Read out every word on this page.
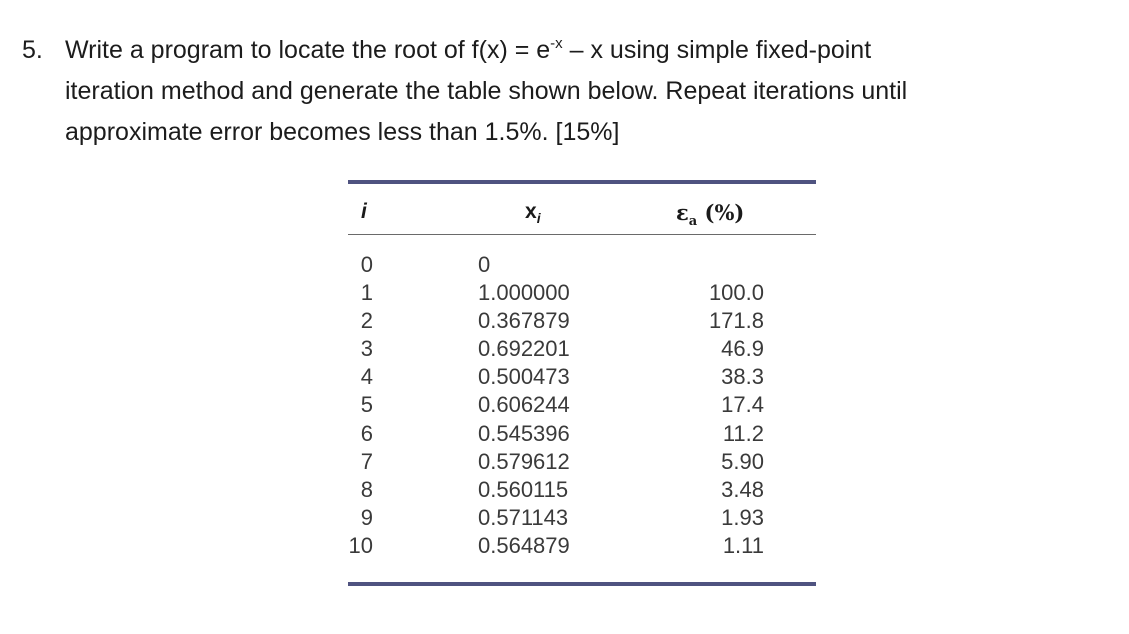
5. Write a program to locate the root of $f(x) = e^{-x} - x$ using simple fixed-point
iteration method and generate the table shown below. Repeat iterations until
approximate error becomes less than 1.5%. [15%]
i	$x_i$	$\varepsilon_a$ (%)
0	0
1	1.000000	100.0
2	0.367879	171.8
3	0.692201	46.9
4	0.500473	38.3
5	0.606244	17.4
6	0.545396	11.2
7	0.579612	5.90
8	0.560115	3.48
9	0.571143	1.93
10	0.564879	1.11
